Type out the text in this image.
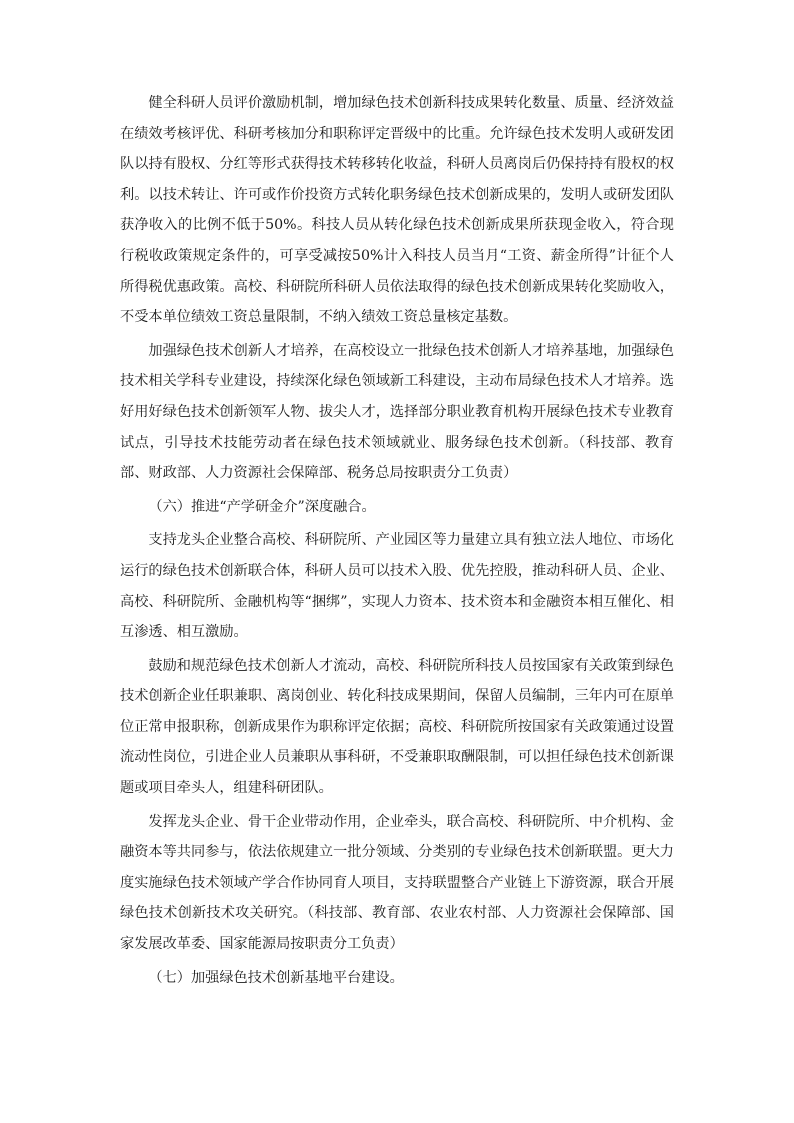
健全科研人员评价激励机制，增加绿色技术创新科技成果转化数量、质量、经济效益在绩效考核评优、科研考核加分和职称评定晋级中的比重。允许绿色技术发明人或研发团队以持有股权、分红等形式获得技术转移转化收益，科研人员离岗后仍保持持有股权的权利。以技术转让、许可或作价投资方式转化职务绿色技术创新成果的，发明人或研发团队获净收入的比例不低于50%。科技人员从转化绿色技术创新成果所获现金收入，符合现行税收政策规定条件的，可享受减按50%计入科技人员当月“工资、薪金所得”计征个人所得税优惠政策。高校、科研院所科研人员依法取得的绿色技术创新成果转化奖励收入，不受本单位绩效工资总量限制，不纳入绩效工资总量核定基数。

加强绿色技术创新人才培养，在高校设立一批绿色技术创新人才培养基地，加强绿色技术相关学科专业建设，持续深化绿色领域新工科建设，主动布局绿色技术人才培养。选好用好绿色技术创新领军人物、拔尖人才，选择部分职业教育机构开展绿色技术专业教育试点，引导技术技能劳动者在绿色技术领域就业、服务绿色技术创新。（科技部、教育部、财政部、人力资源社会保障部、税务总局按职责分工负责）

（六）推进“产学研金介”深度融合。

支持龙头企业整合高校、科研院所、产业园区等力量建立具有独立法人地位、市场化运行的绿色技术创新联合体，科研人员可以技术入股、优先控股，推动科研人员、企业、高校、科研院所、金融机构等“捆绑”，实现人力资本、技术资本和金融资本相互催化、相互渗透、相互激励。

鼓励和规范绿色技术创新人才流动，高校、科研院所科技人员按国家有关政策到绿色技术创新企业任职兼职、离岗创业、转化科技成果期间，保留人员编制，三年内可在原单位正常申报职称，创新成果作为职称评定依据；高校、科研院所按国家有关政策通过设置流动性岗位，引进企业人员兼职从事科研，不受兼职取酬限制，可以担任绿色技术创新课题或项目牵头人，组建科研团队。

发挥龙头企业、骨干企业带动作用，企业牵头，联合高校、科研院所、中介机构、金融资本等共同参与，依法依规建立一批分领域、分类别的专业绿色技术创新联盟。更大力度实施绿色技术领域产学合作协同育人项目，支持联盟整合产业链上下游资源，联合开展绿色技术创新技术攻关研究。（科技部、教育部、农业农村部、人力资源社会保障部、国家发展改革委、国家能源局按职责分工负责）

（七）加强绿色技术创新基地平台建设。
